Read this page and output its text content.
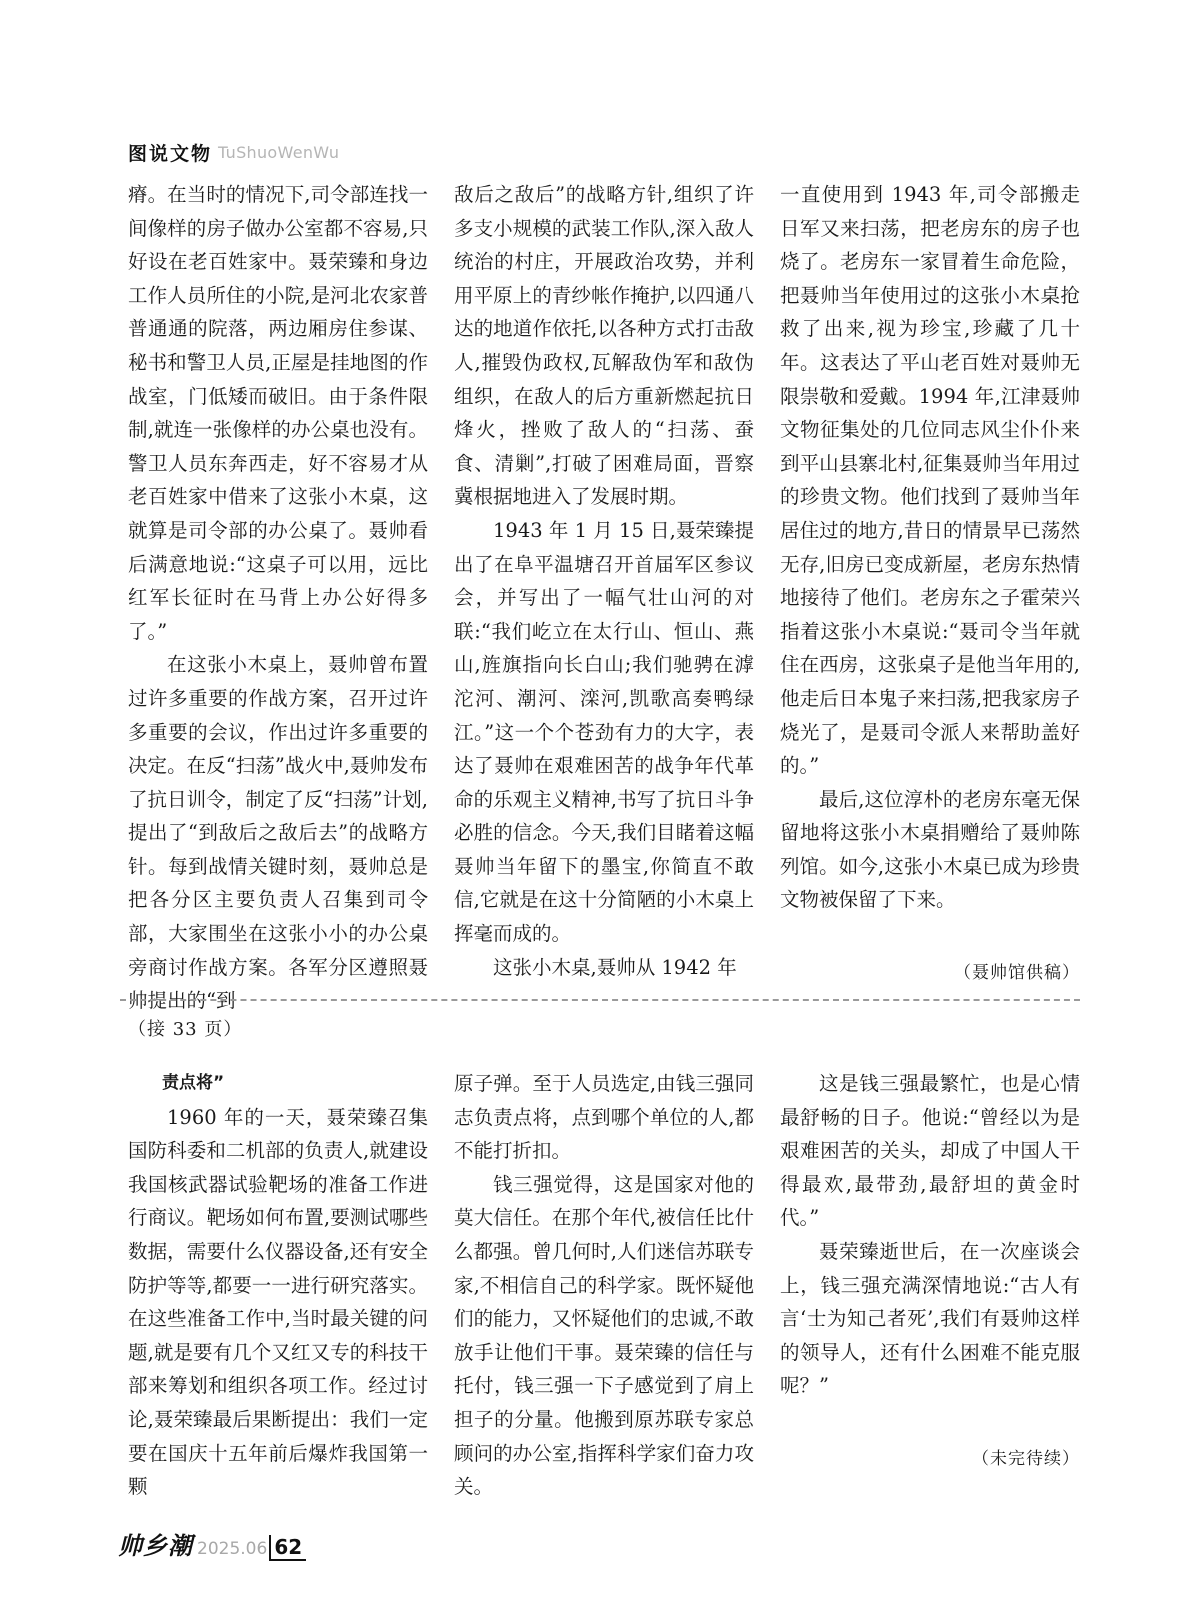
图说文物 TuShuoWenWu

瘠。在当时的情况下,司令部连找一间像样的房子做办公室都不容易,只好设在老百姓家中。聂荣臻和身边工作人员所住的小院,是河北农家普普通通的院落，两边厢房住参谋、秘书和警卫人员,正屋是挂地图的作战室，门低矮而破旧。由于条件限制,就连一张像样的办公桌也没有。警卫人员东奔西走，好不容易才从老百姓家中借来了这张小木桌，这就算是司令部的办公桌了。聂帅看后满意地说:“这桌子可以用，远比红军长征时在马背上办公好得多了。”

在这张小木桌上，聂帅曾布置过许多重要的作战方案，召开过许多重要的会议，作出过许多重要的决定。在反“扫荡”战火中,聂帅发布了抗日训令，制定了反“扫荡”计划,提出了“到敌后之敌后去”的战略方针。每到战情关键时刻，聂帅总是把各分区主要负责人召集到司令部，大家围坐在这张小小的办公桌旁商讨作战方案。各军分区遵照聂帅提出的“到

敌后之敌后”的战略方针,组织了许多支小规模的武装工作队,深入敌人统治的村庄，开展政治攻势，并利用平原上的青纱帐作掩护,以四通八达的地道作依托,以各种方式打击敌人,摧毁伪政权,瓦解敌伪军和敌伪组织，在敌人的后方重新燃起抗日烽火，挫败了敌人的“扫荡、蚕食、清剿”,打破了困难局面，晋察冀根据地进入了发展时期。

1943 年 1 月 15 日,聂荣臻提出了在阜平温塘召开首届军区参议会，并写出了一幅气壮山河的对联:“我们屹立在太行山、恒山、燕山,旌旗指向长白山;我们驰骋在滹沱河、潮河、滦河,凯歌高奏鸭绿江。”这一个个苍劲有力的大字，表达了聂帅在艰难困苦的战争年代革命的乐观主义精神,书写了抗日斗争必胜的信念。今天,我们目睹着这幅聂帅当年留下的墨宝,你简直不敢信,它就是在这十分简陋的小木桌上挥毫而成的。

这张小木桌,聂帅从 1942 年

一直使用到 1943 年,司令部搬走日军又来扫荡，把老房东的房子也烧了。老房东一家冒着生命危险，把聂帅当年使用过的这张小木桌抢救了出来,视为珍宝,珍藏了几十年。这表达了平山老百姓对聂帅无限崇敬和爱戴。1994 年,江津聂帅文物征集处的几位同志风尘仆仆来到平山县寨北村,征集聂帅当年用过的珍贵文物。他们找到了聂帅当年居住过的地方,昔日的情景早已荡然无存,旧房已变成新屋，老房东热情地接待了他们。老房东之子霍荣兴指着这张小木桌说:“聂司令当年就住在西房，这张桌子是他当年用的,他走后日本鬼子来扫荡,把我家房子烧光了，是聂司令派人来帮助盖好的。”

最后,这位淳朴的老房东毫无保留地将这张小木桌捐赠给了聂帅陈列馆。如今,这张小木桌已成为珍贵文物被保留了下来。

（聂帅馆供稿）

（接 33 页）

责点将”

1960 年的一天，聂荣臻召集国防科委和二机部的负责人,就建设我国核武器试验靶场的准备工作进行商议。靶场如何布置,要测试哪些数据，需要什么仪器设备,还有安全防护等等,都要一一进行研究落实。在这些准备工作中,当时最关键的问题,就是要有几个又红又专的科技干部来筹划和组织各项工作。经过讨论,聂荣臻最后果断提出：我们一定要在国庆十五年前后爆炸我国第一颗

原子弹。至于人员选定,由钱三强同志负责点将，点到哪个单位的人,都不能打折扣。

钱三强觉得，这是国家对他的莫大信任。在那个年代,被信任比什么都强。曾几何时,人们迷信苏联专家,不相信自己的科学家。既怀疑他们的能力，又怀疑他们的忠诚,不敢放手让他们干事。聂荣臻的信任与托付，钱三强一下子感觉到了肩上担子的分量。他搬到原苏联专家总顾问的办公室,指挥科学家们奋力攻关。

这是钱三强最繁忙，也是心情最舒畅的日子。他说:“曾经以为是艰难困苦的关头，却成了中国人干得最欢,最带劲,最舒坦的黄金时代。”

聂荣臻逝世后，在一次座谈会上，钱三强充满深情地说:“古人有言‘士为知己者死’,我们有聂帅这样的领导人，还有什么困难不能克服呢？”

（未完待续）

帅乡潮 2025.06 62
